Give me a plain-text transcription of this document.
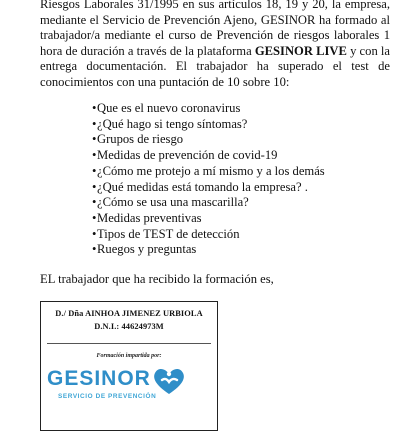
Riesgos Laborales 31/1995 en sus artículos 18, 19 y 20, la empresa, mediante el Servicio de Prevención Ajeno, GESINOR ha formado al trabajador/a mediante el curso de Prevención de riesgos laborales 1 hora de duración a través de la plataforma GESINOR LIVE y con la entrega documentación. El trabajador ha superado el test de conocimientos con una puntación de 10 sobre 10:

• Que es el nuevo coronavirus
• ¿Qué hago si tengo síntomas?
• Grupos de riesgo
• Medidas de prevención de covid-19
• ¿Cómo me protejo a mí mismo y a los demás
• ¿Qué medidas está tomando la empresa? .
• ¿Cómo se usa una mascarilla?
• Medidas preventivas
• Tipos de TEST de detección
• Ruegos y preguntas

EL trabajador que ha recibido la formación es,

D./ Dña AINHOA JIMENEZ URBIOLA
D.N.I.: 44624973M
Formación impartida por:
GESINOR
SERVICIO DE PREVENCIÓN
